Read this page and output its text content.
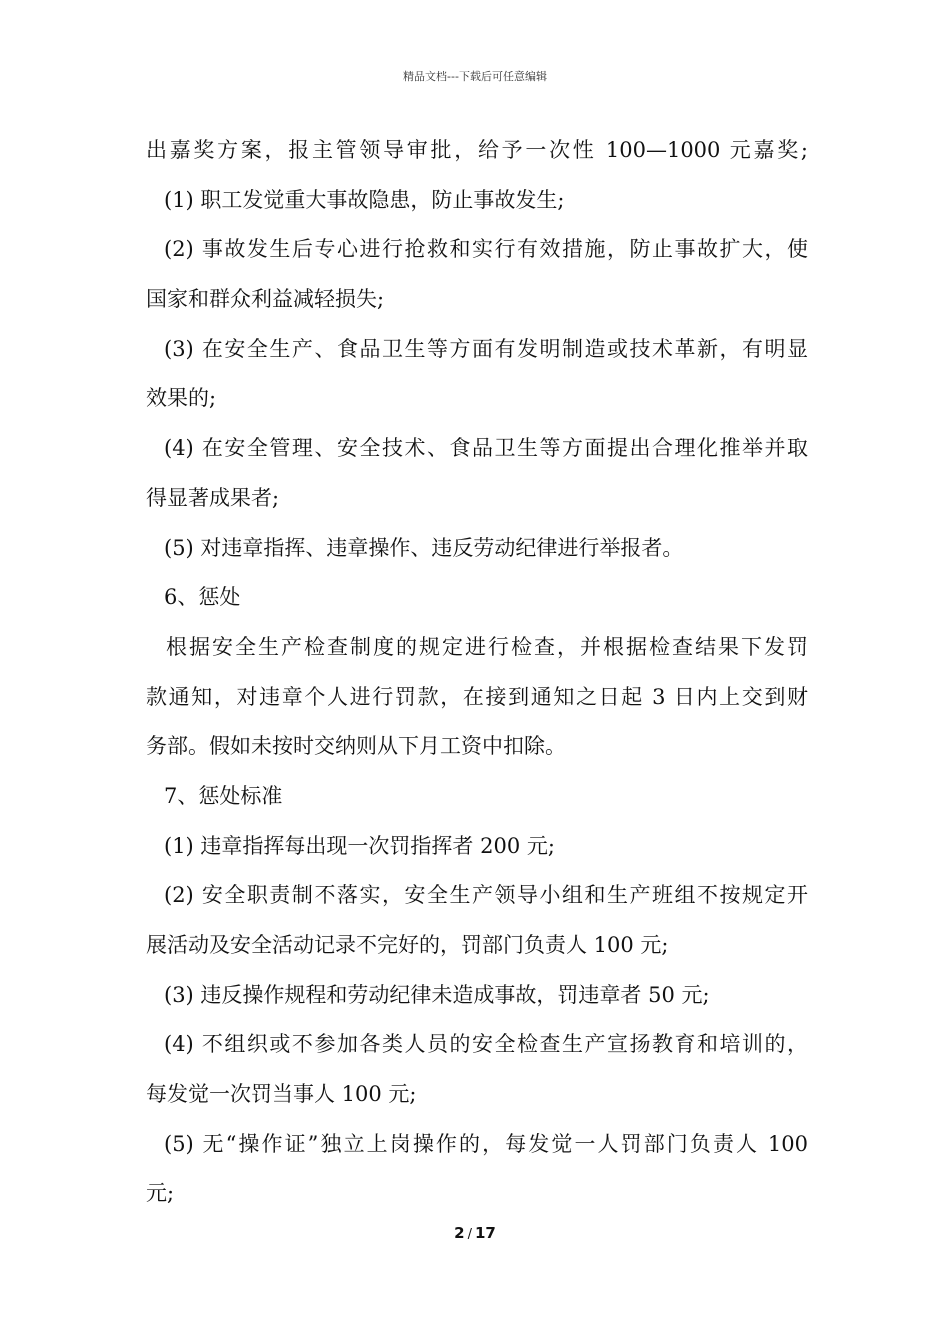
精品文档---下载后可任意编辑
出嘉奖方案，报主管领导审批，给予一次性 100—1000 元嘉奖;
(1) 职工发觉重大事故隐患，防止事故发生;
(2) 事故发生后专心进行抢救和实行有效措施，防止事故扩大，使
国家和群众利益减轻损失;
(3) 在安全生产、食品卫生等方面有发明制造或技术革新，有明显
效果的;
(4) 在安全管理、安全技术、食品卫生等方面提出合理化推举并取
得显著成果者;
(5) 对违章指挥、违章操作、违反劳动纪律进行举报者。
6、惩处
根据安全生产检查制度的规定进行检查，并根据检查结果下发罚
款通知，对违章个人进行罚款，在接到通知之日起 3 日内上交到财
务部。假如未按时交纳则从下月工资中扣除。
7、惩处标准
(1) 违章指挥每出现一次罚指挥者 200 元;
(2) 安全职责制不落实，安全生产领导小组和生产班组不按规定开
展活动及安全活动记录不完好的，罚部门负责人 100 元;
(3) 违反操作规程和劳动纪律未造成事故，罚违章者 50 元;
(4) 不组织或不参加各类人员的安全检查生产宣扬教育和培训的，
每发觉一次罚当事人 100 元;
(5) 无“操作证”独立上岗操作的，每发觉一人罚部门负责人 100
元;
2 / 17
